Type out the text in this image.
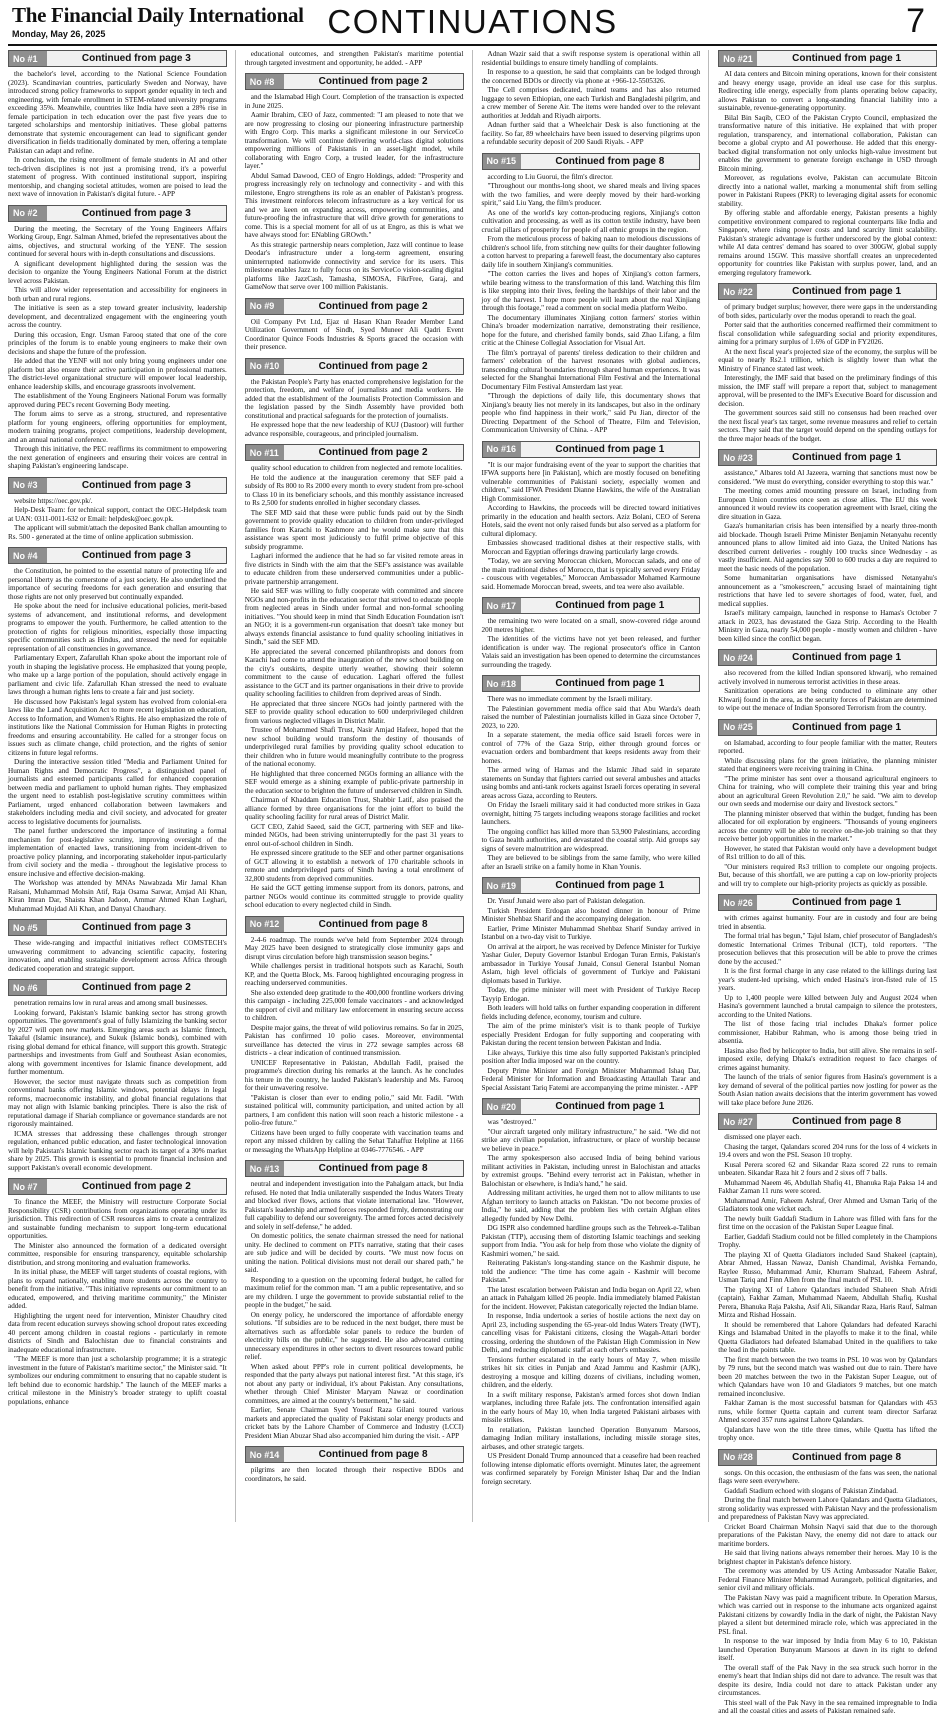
The Financial Daily International
Monday, May 26, 2025	CONTINUATIONS	7
No #1	Continued from page 3

the bachelor's level, according to the National Science Foundation (2023). Scandinavian countries, particularly Sweden and Norway, have introduced strong policy frameworks to support gender equality in tech and engineering, with female enrollment in STEM-related university programs exceeding 35%. Meanwhile, countries like India have seen a 28% rise in female participation in tech education over the past five years due to targeted scholarships and mentorship initiatives. These global patterns demonstrate that systemic encouragement can lead to significant gender diversification in fields traditionally dominated by men, offering a template Pakistan can adapt and refine.

In conclusion, the rising enrollment of female students in AI and other tech-driven disciplines is not just a promising trend, it's a powerful statement of progress. With continued institutional support, inspiring mentorship, and changing societal attitudes, women are poised to lead the next wave of innovation in Pakistan's digital future. - APP

No #2	Continued from page 3

During the meeting, the Secretary of the Young Engineers Affairs Working Group, Engr. Salman Ahmed, briefed the representatives about the aims, objectives, and structural working of the YENF. The session continued for several hours with in-depth consultations and discussions.

A significant development highlighted during the session was the decision to organize the Young Engineers National Forum at the district level across Pakistan.

This will allow wider representation and accessibility for engineers in both urban and rural regions.

The initiative is seen as a step toward greater inclusivity, leadership development, and decentralized engagement with the engineering youth across the country.

During this occasion, Engr. Usman Farooq stated that one of the core principles of the forum is to enable young engineers to make their own decisions and shape the future of the profession.

He added that the YENF will not only bring young engineers under one platform but also ensure their active participation in professional matters. The district-level organizational structure will empower local leadership, enhance leadership skills, and encourage grassroots involvement.

The establishment of the Young Engineers National Forum was formally approved during PEC's recent Governing Body meeting.

The forum aims to serve as a strong, structured, and representative platform for young engineers, offering opportunities for employment, modern training programs, project competitions, leadership development, and an annual national conference.

Through this initiative, the PEC reaffirms its commitment to empowering the next generation of engineers and ensuring their voices are central in shaping Pakistan's engineering landscape.

No #3	Continued from page 3

website https://oec.gov.pk/.

Help-Desk Team: for technical support, contact the OEC-Helpdesk team at UAN: 0311-0011-632 or Email: helpdesk@oec.gov.pk.

The applicant will submit/attach the deposited Bank challan amounting to Rs. 500 - generated at the time of online application submission.

No #4	Continued from page 3

the Constitution, he pointed to the essential nature of protecting life and personal liberty as the cornerstone of a just society. He also underlined the importance of securing freedoms for each generation and ensuring that those rights are not only preserved but continually expanded.

He spoke about the need for inclusive educational policies, merit-based systems of advancement, and institutional reforms, and development programs to empower the youth. Furthermore, he called attention to the protection of rights for religious minorities, especially those impacting specific communities such as Hindus, and stressed the need for equitable representation of all constituencies in governance.

Parliamentary Expert, Zafarullah Khan spoke about the important role of youth in shaping the legislative process. He emphasized that young people, who make up a large portion of the population, should actively engage in parliament and civic life. Zafarullah Khan stressed the need to evaluate laws through a human rights lens to create a fair and just society.

He discussed how Pakistan's legal system has evolved from colonial-era laws like the Land Acquisition Act to more recent legislation on education, Access to Information, and Women's Rights. He also emphasized the role of institutions like the National Commission for Human Rights in protecting freedoms and ensuring accountability. He called for a stronger focus on issues such as climate change, child protection, and the rights of senior citizens in future legal reforms.

During the interactive session titled "Media and Parliament United for Human Rights and Democratic Progress", a distinguished panel of journalists and esteemed participants called for enhanced cooperation between media and parliament to uphold human rights. They emphasized the urgent need to establish post-legislative scrutiny committees within Parliament, urged enhanced collaboration between lawmakers and stakeholders including media and civil society, and advocated for greater access to legislative documents for journalists.

The panel further underscored the importance of instituting a formal mechanism for post-legislative scrutiny, improving oversight of the implementation of enacted laws, transitioning from incident-driven to proactive policy planning, and incorporating stakeholder input-particularly from civil society and the media - throughout the legislative process to ensure inclusive and effective decision-making.

The Workshop was attended by MNAs Nawabzada Mir Jamal Khan Raisani, Muhammad Mohsin Atif, Raja Osama Sarwar, Amjad Ali Khan, Kiran Imran Dar, Shaista Khan Jadoon, Ammar Ahmed Khan Leghari, Muhammad Mujdad Ali Khan, and Danyal Chaudhary.

No #5	Continued from page 3

These wide-ranging and impactful initiatives reflect COMSTECH's unwavering commitment to advancing scientific capacity, fostering innovation, and enabling sustainable development across Africa through dedicated cooperation and strategic support.

No #6	Continued from page 2

penetration remains low in rural areas and among small businesses.

Looking forward, Pakistan's Islamic banking sector has strong growth opportunities. The government's goal of fully Islamizing the banking sector by 2027 will open new markets. Emerging areas such as Islamic fintech, Takaful (Islamic insurance), and Sukuk (Islamic bonds), combined with rising global demand for ethical finance, will support this growth. Strategic partnerships and investments from Gulf and Southeast Asian economies, along with government incentives for Islamic finance development, add further momentum.

However, the sector must navigate threats such as competition from conventional banks offering Islamic windows, potential delays in legal reforms, macroeconomic instability, and global financial regulations that may not align with Islamic banking principles. There is also the risk of reputational damage if Shariah compliance or governance standards are not rigorously maintained.

ICMA stresses that addressing these challenges through stronger regulation, enhanced public education, and faster technological innovation will help Pakistan's Islamic banking sector reach its target of a 30% market share by 2025. This growth is essential to promote financial inclusion and support Pakistan's overall economic development.

No #7	Continued from page 2

To finance the MEEF, the Ministry will restructure Corporate Social Responsibility (CSR) contributions from organizations operating under its jurisdiction. This redirection of CSR resources aims to create a centralized and sustainable funding mechanism to support long-term educational opportunities.

The Minister also announced the formation of a dedicated oversight committee, responsible for ensuring transparency, equitable scholarship distribution, and strong monitoring and evaluation frameworks.

In its initial phase, the MEEF will target students of coastal regions, with plans to expand nationally, enabling more students across the country to benefit from the initiative. "This initiative represents our commitment to an educated, empowered, and thriving maritime community," the Minister added.

Highlighting the urgent need for intervention, Minister Chaudhry cited data from recent education surveys showing school dropout rates exceeding 40 percent among children in coastal regions - particularly in remote districts of Sindh and Balochistan due to financial constraints and inadequate educational infrastructure.

"The MEEF is more than just a scholarship programme; it is a strategic investment in the future of Pakistan's maritime sector," the Minister said. "It symbolizes our enduring commitment to ensuring that no capable student is left behind due to economic hardship." The launch of the MEEF marks a critical milestone in the Ministry's broader strategy to uplift coastal populations, enhance

educational outcomes, and strengthen Pakistan's maritime potential through targeted investment and opportunity, he added. - APP

No #8	Continued from page 2

and the Islamabad High Court. Completion of the transaction is expected in June 2025.

Aamir Ibrahim, CEO of Jazz, commented: "I am pleased to note that we are now progressing to closing our pioneering infrastructure partnership with Engro Corp. This marks a significant milestone in our ServiceCo transformation. We will continue delivering world-class digital solutions empowering millions of Pakistanis in an asset-light model, while collaborating with Engro Corp, a trusted leader, for the infrastructure layer."

Abdul Samad Dawood, CEO of Engro Holdings, added: "Prosperity and progress increasingly rely on technology and connectivity - and with this milestone, Engro strengthens its role as an enabler of Pakistan's progress. This investment reinforces telecom infrastructure as a key vertical for us and we are keen on expanding access, empowering communities, and future-proofing the infrastructure that will drive growth for generations to come. This is a special moment for all of us at Engro, as this is what we have always stood for: ENabling GROwth."

As this strategic partnership nears completion, Jazz will continue to lease Deodar's infrastructure under a long-term agreement, ensuring uninterrupted nationwide connectivity and service for its users. This milestone enables Jazz to fully focus on its ServiceCo vision-scaling digital platforms like JazzCash, Tamasha, SIMOSA, FikrFree, Garaj, and GameNow that serve over 100 million Pakistanis.

No #9	Continued from page 2

Oil Company Pvt Ltd, Ejaz ul Hasan Khan Reader Member Land Utilization Government of Sindh, Syed Muneer Ali Qadri Event Coordinator Quince Foods Industries & Sports graced the occasion with their presence.

No #10	Continued from page 2

the Pakistan People's Party has enacted comprehensive legislation for the protection, freedom, and welfare of journalists and media workers. He added that the establishment of the Journalists Protection Commission and the legislation passed by the Sindh Assembly have provided both constitutional and practical safeguards for the protection of journalists.

He expressed hope that the new leadership of KUJ (Dastoor) will further advance responsible, courageous, and principled journalism.

No #11	Continued from page 2

quality school education to children from neglected and remote localities.

He told the audience at the inauguration ceremony that SEF paid a subsidy of Rs 800 to Rs 2000 every month to every student from pre-school to Class 10 in its beneficiary schools, and this monthly assistance increased to Rs 2,500 for students enrolled in higher secondary classes.

The SEF MD said that these were public funds paid out by the Sindh government to provide quality education to children from under-privileged families from Karachi to Kashmore and he would make sure that this assistance was spent most judiciously to fulfil prime objective of this subsidy programme.

Laghari informed the audience that he had so far visited remote areas in five districts in Sindh with the aim that the SEF's assistance was available to educate children from these underserved communities under a public-private partnership arrangement.

He said SEF was willing to fully cooperate with committed and sincere NGOs and non-profits in the education sector that strived to educate people from neglected areas in Sindh under formal and non-formal schooling initiatives. "You should keep in mind that Sindh Education Foundation isn't an NGO; it is a government-run organisation that doesn't take money but always extends financial assistance to fund quality schooling initiatives in Sindh," said the SEF MD.

He appreciated the several concerned philanthropists and donors from Karachi had come to attend the inauguration of the new school building on the city's outskirts, despite utterly weather, showing their solemn commitment to the cause of education. Laghari offered the fullest assistance to the GCT and its partner organisations in their drive to provide quality schooling facilities to children from deprived areas of Sindh.

He appreciated that three sincere NGOs had jointly partnered with the SEF to provide quality school education to 600 underprivileged children from various neglected villages in District Malir.

Trustee of Mohammed Shafi Trust, Nasir Amjad Hafeez, hoped that the new school building would transform the destiny of thousands of underprivileged rural families by providing quality school education to their children who in future would meaningfully contribute to the progress of the national economy.

He highlighted that three concerned NGOs forming an alliance with the SEF would emerge as a shining example of public-private partnership in the education sector to brighten the future of underserved children in Sindh.

Chairman of Khaddam Education Trust, Shabbir Latif, also praised the alliance formed by three organisations for the joint effort to build the quality schooling facility for rural areas of District Malir.

GCT CEO, Zahid Saeed, said the GCT, partnering with SEF and like-minded NGOs, had been striving uninterruptedly for the past 31 years to enrol out-of-school children in Sindh.

He expressed sincere gratitude to the SEF and other partner organisations of GCT allowing it to establish a network of 170 charitable schools in remote and underprivileged parts of Sindh having a total enrollment of 32,800 students from deprived communities.

He said the GCT getting immense support from its donors, patrons, and partner NGOs would continue its committed struggle to provide quality school education to every neglected child in Sindh.

No #12	Continued from page 8

2-4-6 roadmap. The rounds we've held from September 2024 through May 2025 have been designed to strategically close immunity gaps and disrupt virus circulation before high transmission season begins."

While challenges persist in traditional hotspots such as Karachi, South KP, and the Quetta Block, Ms. Farooq highlighted encouraging progress in reaching underserved communities.

She also extended deep gratitude to the 400,000 frontline workers driving this campaign - including 225,000 female vaccinators - and acknowledged the support of civil and military law enforcement in ensuring secure access to children.

Despite major gains, the threat of wild poliovirus remains. So far in 2025, Pakistan has confirmed 10 polio cases. Moreover, environmental surveillance has detected the virus in 272 sewage samples across 68 districts - a clear indication of continued transmission.

UNICEF Representative in Pakistan, Abdullah Fadil, praised the programme's direction during his remarks at the launch. As he concludes his tenure in the country, he lauded Pakistan's leadership and Ms. Farooq for their unwavering resolve.

"Pakistan is closer than ever to ending polio," said Mr. Fadil. "With sustained political will, community participation, and united action by all partners, I am confident this nation will soon reach a historic milestone - a polio-free future."

Citizens have been urged to fully cooperate with vaccination teams and report any missed children by calling the Sehat Tahaffuz Helpline at 1166 or messaging the WhatsApp Helpline at 0346-7776546. - APP

No #13	Continued from page 8

neutral and independent investigation into the Pahalgam attack, but India refused. He noted that India unilaterally suspended the Indus Waters Treaty and blocked river flows, actions that violate international law. "However, Pakistan's leadership and armed forces responded firmly, demonstrating our full capability to defend our sovereignty. The armed forces acted decisively and solely in self-defense," he added.

On domestic politics, the senate chairman stressed the need for national unity. He declined to comment on PTI's narrative, stating that their cases are sub judice and will be decided by courts. "We must now focus on uniting the nation. Political divisions must not derail our shared path," he said.

Responding to a question on the upcoming federal budget, he called for maximum relief for the common man. "I am a public representative, and so are my children. I urge the government to provide substantial relief to the people in the budget," he said.

On energy policy, he underscored the importance of affordable energy solutions. "If subsidies are to be reduced in the next budget, there must be alternatives such as affordable solar panels to reduce the burden of electricity bills on the public," he suggested. He also advocated cutting unnecessary expenditures in other sectors to divert resources toward public relief.

When asked about PPP's role in current political developments, he responded that the party always put national interest first. "At this stage, it's not about any party or individual, it's about Pakistan. Any consultations, whether through Chief Minister Maryam Nawaz or coordination committees, are aimed at the country's betterment," he said.

Earlier, Senate Chairman Syed Yousuf Raza Gilani toured various markets and appreciated the quality of Pakistani solar energy products and cricket bats by the Lahore Chamber of Commerce and Industry (LCCI) President Mian Abuzar Shad also accompanied him during the visit. - APP

No #14	Continued from page 8

pilgrims are then located through their respective BDOs and coordinators, he said.

Adnan Wazir said that a swift response system is operational within all residential buildings to ensure timely handling of complaints.

In response to a question, he said that complaints can be lodged through the concerned BDOs or directly via phone at +966-12-5505326.

The Cell comprises dedicated, trained teams and has also returned luggage to seven Ethiopian, one each Turkish and Bangladeshi pilgrim, and a crew member of Serene Air. The items were handed over to the relevant authorities at Jeddah and Riyadh airports.

Adnan further said that a Wheelchair Desk is also functioning at the facility. So far, 89 wheelchairs have been issued to deserving pilgrims upon a refundable security deposit of 200 Saudi Riyals. - APP

No #15	Continued from page 8

according to Liu Guorui, the film's director.

"Throughout our months-long shoot, we shared meals and living spaces with the two families, and were deeply moved by their hard-working spirit," said Liu Yang, the film's producer.

As one of the world's key cotton-producing regions, Xinjiang's cotton cultivation and processing, as well as its cotton textile industry, have been crucial pillars of prosperity for people of all ethnic groups in the region.

From the meticulous process of baking naan to melodious discussions of children's school life, from stitching new quilts for their daughter following a cotton harvest to preparing a farewell feast, the documentary also captures daily life in southern Xinjiang's communities.

"The cotton carries the lives and hopes of Xinjiang's cotton farmers, while bearing witness to the transformation of this land. Watching this film is like stepping into their lives, feeling the hardships of their labor and the joy of the harvest. I hope more people will learn about the real Xinjiang through this footage," read a comment on social media platform Weibo.

The documentary illuminates Xinjiang cotton farmers' stories within China's broader modernization narrative, demonstrating their resilience, hope for the future, and cherished family bonds, said Zhao Lifang, a film critic at the Chinese Collegial Association for Visual Art.

The film's portrayal of parents' tireless dedication to their children and farmers' celebration of the harvest resonates with global audiences, transcending cultural boundaries through shared human experiences. It was selected for the Shanghai International Film Festival and the International Documentary Film Festival Amsterdam last year.

"Through the depictions of daily life, this documentary shows that Xinjiang's beauty lies not merely in its landscapes, but also in the ordinary people who find happiness in their work," said Pu Jian, director of the Directing Department of the School of Theatre, Film and Television, Communication University of China. - APP

No #16	Continued from page 1

"It is our major fundraising event of the year to support the charities that IFWA supports here [in Pakistan], which are mostly focused on benefiting vulnerable communities of Pakistani society, especially women and children," said IFWA President Dianne Hawkins, the wife of the Australian High Commissioner.

According to Hawkins, the proceeds will be directed toward initiatives primarily in the education and health sectors. Aziz Bolani, CEO of Serena Hotels, said the event not only raised funds but also served as a platform for cultural diplomacy.

Embassies showcased traditional dishes at their respective stalls, with Moroccan and Egyptian offerings drawing particularly large crowds.

"Today, we are serving Moroccan chicken, Moroccan salads, and one of the main traditional dishes of Morocco, that is typically served every Friday - couscous with vegetables," Moroccan Ambassador Mohamed Karmoune said. Homemade Moroccan bread, sweets, and tea were also available.

No #17	Continued from page 1

the remaining two were located on a small, snow-covered ridge around 200 metres higher.

The identities of the victims have not yet been released, and further identification is under way. The regional prosecutor's office in Canton Valais said an investigation has been opened to determine the circumstances surrounding the tragedy.

No #18	Continued from page 1

There was no immediate comment by the Israeli military.

The Palestinian government media office said that Abu Warda's death raised the number of Palestinian journalists killed in Gaza since October 7, 2023, to 220.

In a separate statement, the media office said Israeli forces were in control of 77% of the Gaza Strip, either through ground forces or evacuation orders and bombardment that keeps residents away from their homes.

The armed wing of Hamas and the Islamic Jihad said in separate statements on Sunday that fighters carried out several ambushes and attacks using bombs and anti-tank rockets against Israeli forces operating in several areas across Gaza, according to Reuters.

On Friday the Israeli military said it had conducted more strikes in Gaza overnight, hitting 75 targets including weapons storage facilities and rocket launchers.

The ongoing conflict has killed more than 53,900 Palestinians, according to Gaza health authorities, and devastated the coastal strip. Aid groups say signs of severe malnutrition are widespread.

They are believed to be siblings from the same family, who were killed after an Israeli strike on a family home in Khan Younis.

No #19	Continued from page 1

Dr. Yusuf Junaid were also part of Pakistan delegation.

Turkish President Erdogan also hosted dinner in honour of Prime Minister Shehbaz Sharif and the accompanying delegation.

Earlier, Prime Minister Muhammad Shehbaz Sharif Sunday arrived in Istanbul on a two-day visit to Turkiye.

On arrival at the airport, he was received by Defence Minister for Turkiye Yashar Guler, Deputy Governor Istanbul Erdogan Turan Ermis, Pakistan's ambassador in Turkiye Yousaf Junaid, Consul General Istanbul Noman Aslam, high level officials of government of Turkiye and Pakistani diplomats based in Turkiye.

Today, the prime minister will meet with President of Turkiye Recep Tayyip Erdogan.

Both leaders will hold talks on further expanding cooperation in different fields including defence, economy, tourism and culture.

The aim of the prime minister's visit is to thank people of Turkiye especially President Erdogan for fully supporting and cooperating with Pakistan during the recent tension between Pakistan and India.

Like always, Turkiye this time also fully supported Pakistan's principled position after India imposed war on the country.

Deputy Prime Minister and Foreign Minister Muhammad Ishaq Dar, Federal Minister for Information and Broadcasting Attaullah Tarar and Special Assistant Tariq Fatemi are accompanying the prime minister. - APP

No #20	Continued from page 1

was "destroyed."

"Our aircraft targeted only military infrastructure," he said. "We did not strike any civilian population, infrastructure, or place of worship because we believe in peace."

The army spokesperson also accused India of being behind various militant activities in Pakistan, including unrest in Balochistan and attacks by extremist groups. "Behind every terrorist act in Pakistan, whether in Balochistan or elsewhere, is India's hand," he said.

Addressing militant activities, he urged them not to allow militants to use Afghan territory to launch attacks on Pakistan. "Do not become proxies of India," he said, adding that the problem lies with certain Afghan elites allegedly funded by New Delhi.

DG ISPR also condemned hardline groups such as the Tehreek-e-Taliban Pakistan (TTP), accusing them of distorting Islamic teachings and seeking support from India. "You ask for help from those who violate the dignity of Kashmiri women," he said.

Reiterating Pakistan's long-standing stance on the Kashmir dispute, he told the audience: "The time has come again - Kashmir will become Pakistan."

The latest escalation between Pakistan and India began on April 22, when an attack in Pahalgam killed 26 people. India immediately blamed Pakistan for the incident. However, Pakistan categorically rejected the Indian blame.

In response, India undertook a series of hostile actions the next day on April 23, including suspending the 65-year-old Indus Waters Treaty (IWT), cancelling visas for Pakistani citizens, closing the Wagah-Attari border crossing, ordering the shutdown of the Pakistan High Commission in New Delhi, and reducing diplomatic staff at each other's embassies.

Tensions further escalated in the early hours of May 7, when missile strikes hit six cities in Punjab and Azad Jammu and Kashmir (AJK), destroying a mosque and killing dozens of civilians, including women, children, and the elderly.

In a swift military response, Pakistan's armed forces shot down Indian warplanes, including three Rafale jets. The confrontation intensified again in the early hours of May 10, when India targeted Pakistani airbases with missile strikes.

In retaliation, Pakistan launched Operation Bunyanum Marsoos, damaging Indian military installations, including missile storage sites, airbases, and other strategic targets.

US President Donald Trump announced that a ceasefire had been reached following intense diplomatic efforts overnight. Minutes later, the agreement was confirmed separately by Foreign Minister Ishaq Dar and the Indian foreign secretary.

No #21	Continued from page 1

AI data centers and Bitcoin mining operations, known for their consistent and heavy energy usage, provide an ideal use case for this surplus. Redirecting idle energy, especially from plants operating below capacity, allows Pakistan to convert a long-standing financial liability into a sustainable, revenue-generating opportunity.

Bilal Bin Saqib, CEO of the Pakistan Crypto Council, emphasized the transformative nature of this initiative. He explained that with proper regulation, transparency, and international collaboration, Pakistan can become a global crypto and AI powerhouse. He added that this energy-backed digital transformation not only unlocks high-value investment but enables the government to generate foreign exchange in USD through Bitcoin mining.

Moreover, as regulations evolve, Pakistan can accumulate Bitcoin directly into a national wallet, marking a monumental shift from selling power in Pakistani Rupees (PKR) to leveraging digital assets for economic stability.

By offering stable and affordable energy, Pakistan presents a highly competitive environment compared to regional counterparts like India and Singapore, where rising power costs and land scarcity limit scalability. Pakistan's strategic advantage is further underscored by the global context: while AI data centres' demand has soared to over 300GW, global supply remains around 15GW. This massive shortfall creates an unprecedented opportunity for countries like Pakistan with surplus power, land, and an emerging regulatory framework.

No #22	Continued from page 1

of primary budget surplus; however, there were gaps in the understanding of both sides, particularly over the modus operandi to reach the goal.

Porter said that the authorities concerned reaffirmed their commitment to fiscal consolidation while safeguarding social and priority expenditures, aiming for a primary surplus of 1.6% of GDP in FY2026.

At the next fiscal year's projected size of the economy, the surplus will be equal to nearly Rs2.1 trillion, which is slightly lower than what the Ministry of Finance stated last week.

Interestingly, the IMF said that based on the preliminary findings of this mission, the IMF staff will prepare a report that, subject to management approval, will be presented to the IMF's Executive Board for discussion and decision.

The government sources said still no consensus had been reached over the next fiscal year's tax target, some revenue measures and relief to certain sectors. They said that the target would depend on the spending outlays for the three major heads of the budget.

No #23	Continued from page 1

assistance," Albares told Al Jazeera, warning that sanctions must now be considered. "We must do everything, consider everything to stop this war."

The meeting comes amid mounting pressure on Israel, including from European Union countries once seen as close allies. The EU this week announced it would review its cooperation agreement with Israel, citing the dire situation in Gaza.

Gaza's humanitarian crisis has been intensified by a nearly three-month aid blockade. Though Israeli Prime Minister Benjamin Netanyahu recently announced plans to allow limited aid into Gaza, the United Nations has described current deliveries - roughly 100 trucks since Wednesday - as vastly insufficient. Aid agencies say 500 to 600 trucks a day are required to meet the basic needs of the population.

Some humanitarian organisations have dismissed Netanyahu's announcement as a "smokescreen," accusing Israel of maintaining tight restrictions that have led to severe shortages of food, water, fuel, and medical supplies.

Israel's military campaign, launched in response to Hamas's October 7 attack in 2023, has devastated the Gaza Strip. According to the Health Ministry in Gaza, nearly 54,000 people - mostly women and children - have been killed since the conflict began.

No #24	Continued from page 1

also recovered from the killed Indian sponsored khwarij, who remained actively involved in numerous terrorist activities in these areas.

Sanitization operations are being conducted to eliminate any other Khwarij found in the area, as the security forces of Pakistan are determined to wipe out the menace of Indian Sponsored Terrorism from the country.

No #25	Continued from page 1

on Islamabad, according to four people familiar with the matter, Reuters reported.

While discussing plans for the green initiative, the planning minister stated that engineers were receiving training in China.

"The prime minister has sent over a thousand agricultural engineers to China for training, who will complete their training this year and bring about an agricultural Green Revolution 2.0," he said. "We aim to develop our own seeds and modernise our dairy and livestock sectors."

The planning minister observed that within the budget, funding has been allocated for oil exploration by engineers. "Thousands of young engineers across the country will be able to receive on-the-job training so that they receive better job opportunities in the market."

However, he stated that Pakistan would only have a development budget of Rs1 trillion to do all of this.

"Our ministers required Rs3 trillion to complete our ongoing projects. But, because of this shortfall, we are putting a cap on low-priority projects and will try to complete our high-priority projects as quickly as possible.

No #26	Continued from page 1

with crimes against humanity. Four are in custody and four are being tried in absentia.

The formal trial has begun," Tajul Islam, chief prosecutor of Bangladesh's domestic International Crimes Tribunal (ICT), told reporters. "The prosecution believes that this prosecution will be able to prove the crimes done by the accused."

It is the first formal charge in any case related to the killings during last year's student-led uprising, which ended Hasina's iron-fisted rule of 15 years.

Up to 1,400 people were killed between July and August 2024 when Hasina's government launched a brutal campaign to silence the protesters, according to the United Nations.

The list of those facing trial includes Dhaka's former police commissioner, Habibur Rahman, who is among those being tried in absentia.

Hasina also fled by helicopter to India, but still alive. She remains in self-imposed exile, defying Dhaka's extradition request to face charges of crimes against humanity.

The launch of the trials of senior figures from Hasina's government is a key demand of several of the political parties now jostling for power as the South Asian nation awaits decisions that the interim government has vowed will take place before June 2026.

No #27	Continued from page 8

dismissed one player each.

Chasing the target, Qalandars scored 204 runs for the loss of 4 wickets in 19.4 overs and won the PSL Season 10 trophy.

Kusal Perera scored 62 and Sikandar Raza scored 22 runs to remain unbeaten. Sikandar Raza hit 2 fours and 2 sixes off 7 balls.

Muhammad Naeem 46, Abdullah Shafiq 41, Bhanuka Raja Paksa 14 and Fakhar Zaman 11 runs were scored.

Muhammad Amir, Faheem Ashraf, Orer Ahmed and Usman Tariq of the Gladiators took one wicket each.

The newly built Gaddafi Stadium in Lahore was filled with fans for the first time on the occasion of the Pakistan Super League final.

Earlier, Gaddafi Stadium could not be filled completely in the Champions Trophy.

The playing XI of Quetta Gladiators included Saud Shakeel (captain), Abrar Ahmed, Hassan Nawaz, Danish Chandimal, Avishka Fernando, Raylee Russo, Muhammad Amir, Khurram Shahzad, Faheem Ashraf, Usman Tariq and Finn Allen from the final match of PSL 10.

The playing XI of Lahore Qalandars included Shaheen Shah Afridi (captain), Fakhar Zaman, Muhammad Naeem, Abdullah Shafiq, Kushal Perera, Bhanuka Raja Paksha, Asif Ali, Sikandar Raza, Haris Rauf, Salman Mirza and Rishad Hossain.

It should be remembered that Lahore Qalandars had defeated Karachi Kings and Islamabad United in the playoffs to make it to the final, while Quetta Gladiators had defeated Islamabad United in the qualifiers to take the lead in the points table.

The first match between the two teams in PSL 10 was won by Qalandars by 79 runs, but the second match was washed out due to rain. There have been 20 matches between the two in the Pakistan Super League, out of which Qalandars have won 10 and Gladiators 9 matches, but one match remained inconclusive.

Fakhar Zaman is the most successful batsman for Qalandars with 453 runs, while former Quetta captain and current team director Sarfaraz Ahmed scored 357 runs against Lahore Qalandars.

Qalandars have won the title three times, while Quetta has lifted the trophy once.

No #28	Continued from page 8

songs. On this occasion, the enthusiasm of the fans was seen, the national flags were seen everywhere.

Gaddafi Stadium echoed with slogans of Pakistan Zindabad.

During the final match between Lahore Qalandars and Quetta Gladiators, strong solidarity was expressed with Pakistan Navy and the professionalism and preparedness of Pakistan Navy was appreciated.

Cricket Board Chairman Mohsin Naqvi said that due to the thorough preparations of the Pakistan Navy, the enemy did not dare to attack our maritime borders.

He said that living nations always remember their heroes. May 10 is the brightest chapter in Pakistan's defence history.

The ceremony was attended by US Acting Ambassador Natalie Baker, Federal Finance Minister Muhammad Aurangzeb, political dignitaries, and senior civil and military officials.

The Pakistan Navy was paid a magnificent tribute. In Operation Marsus, which was carried out in response to the inhumane acts organized against Pakistani citizens by cowardly India in the dark of night, the Pakistan Navy played a silent but determined miracle role, which was appreciated in the PSL final.

In response to the war imposed by India from May 6 to 10, Pakistan launched Operation Bunyanum Marsoos at dawn in its right to defend itself.

The overall staff of the Pak Navy in the sea struck such horror in the enemy's heart that Indian ships did not dare to advance. The result was that despite its desire, India could not dare to attack Pakistan under any circumstances.

This steel wall of the Pak Navy in the sea remained impregnable to India and all the coastal cities and assets of Pakistan remained safe.
